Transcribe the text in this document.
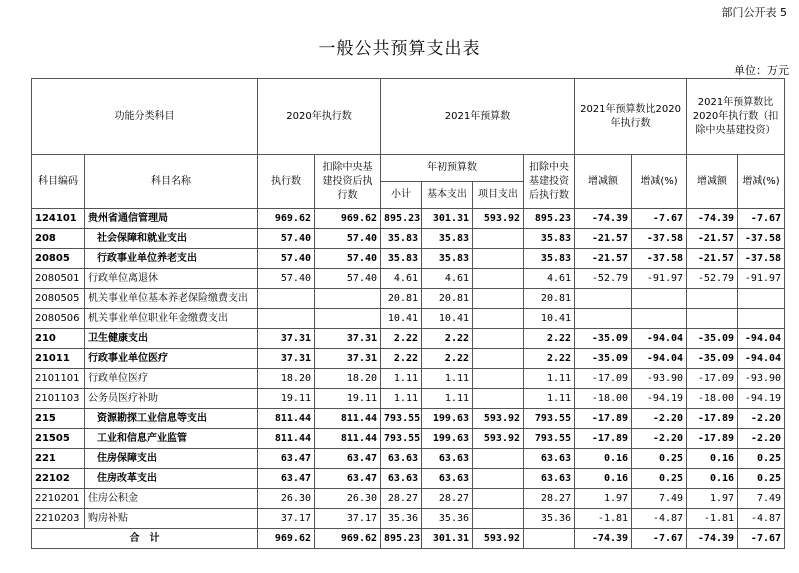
部门公开表 5
一般公共预算支出表
单位：万元
功能分类科目		2020年执行数		2021年预算数				2021年预算数比2020年执行数		2021年预算数比2020年执行数（扣除中央基建投资）	
科目编码	科目名称	执行数	扣除中央基建投资后执行数	年初预算数			扣除中央基建投资后执行数	增减额	增减(%)	增减额	增减(%)
				小计	基本支出	项目支出					
124101	贵州省通信管理局	969.62	969.62	895.23	301.31	593.92	895.23	-74.39	-7.67	-74.39	-7.67
208	社会保障和就业支出	57.40	57.40	35.83	35.83		35.83	-21.57	-37.58	-21.57	-37.58
20805	行政事业单位养老支出	57.40	57.40	35.83	35.83		35.83	-21.57	-37.58	-21.57	-37.58
2080501	行政单位离退休	57.40	57.40	4.61	4.61		4.61	-52.79	-91.97	-52.79	-91.97
2080505	机关事业单位基本养老保险缴费支出			20.81	20.81		20.81				
2080506	机关事业单位职业年金缴费支出			10.41	10.41		10.41				
210	卫生健康支出	37.31	37.31	2.22	2.22		2.22	-35.09	-94.04	-35.09	-94.04
21011	行政事业单位医疗	37.31	37.31	2.22	2.22		2.22	-35.09	-94.04	-35.09	-94.04
2101101	行政单位医疗	18.20	18.20	1.11	1.11		1.11	-17.09	-93.90	-17.09	-93.90
2101103	公务员医疗补助	19.11	19.11	1.11	1.11		1.11	-18.00	-94.19	-18.00	-94.19
215	资源勘探工业信息等支出	811.44	811.44	793.55	199.63	593.92	793.55	-17.89	-2.20	-17.89	-2.20
21505	工业和信息产业监管	811.44	811.44	793.55	199.63	593.92	793.55	-17.89	-2.20	-17.89	-2.20
221	住房保障支出	63.47	63.47	63.63	63.63		63.63	0.16	0.25	0.16	0.25
22102	住房改革支出	63.47	63.47	63.63	63.63		63.63	0.16	0.25	0.16	0.25
2210201	住房公积金	26.30	26.30	28.27	28.27		28.27	1.97	7.49	1.97	7.49
2210203	购房补贴	37.17	37.17	35.36	35.36		35.36	-1.81	-4.87	-1.81	-4.87
合　计		969.62	969.62	895.23	301.31	593.92		-74.39	-7.67	-74.39	-7.67
